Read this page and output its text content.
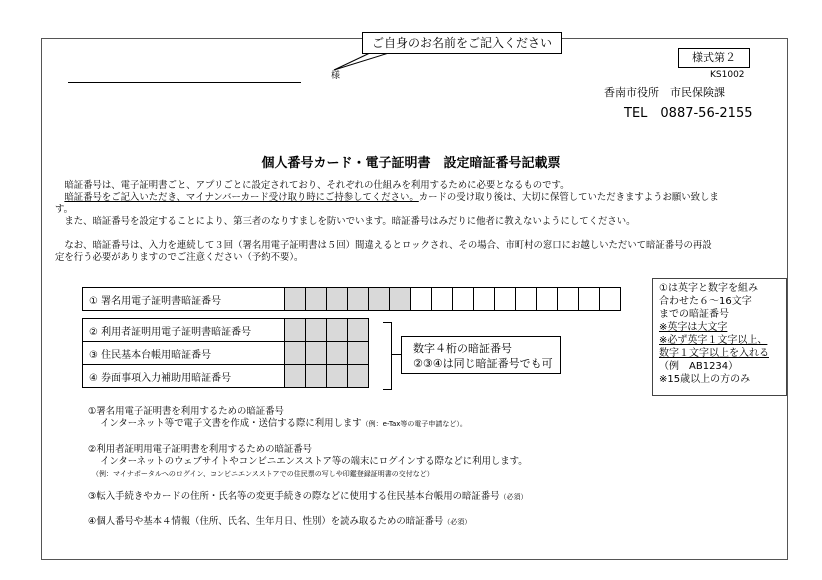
ご自身のお名前をご記入ください
様
様式第２
KS1002
香南市役所　市民保険課
TEL　0887-56-2155
個人番号カード・電子証明書　設定暗証番号記載票
暗証番号は、電子証明書ごと、アプリごとに設定されており、それぞれの仕組みを利用するために必要となるものです。
暗証番号をご記入いただき、マイナンバーカード受け取り時にご持参してください。カードの受け取り後は、大切に保管していただきますようお願い致します。
また、暗証番号を設定することにより、第三者のなりすましを防いでいます。暗証番号はみだりに他者に教えないようにしてください。
なお、暗証番号は、入力を連続して３回（署名用電子証明書は５回）間違えるとロックされ、その場合、市町村の窓口にお越しいただいて暗証番号の再設定を行う必要がありますのでご注意ください（予約不要）。
① 署名用電子証明書暗証番号																
② 利用者証明用電子証明書暗証番号				
③ 住民基本台帳用暗証番号				
④ 券面事項入力補助用暗証番号				
数字４桁の暗証番号
②③④は同じ暗証番号でも可
①は英字と数字を組み
合わせた６～16文字
までの暗証番号
※英字は大文字
※必ず英字１文字以上、
数字１文字以上を入れる
（例　AB1234）
※15歳以上の方のみ
①署名用電子証明書を利用するための暗証番号
インターネット等で電子文書を作成・送信する際に利用します（例：e-Tax等の電子申請など）。
②利用者証明用電子証明書を利用するための暗証番号
インターネットのウェブサイトやコンビニエンスストア等の端末にログインする際などに利用します。
（例：マイナポータルへのログイン、コンビニエンスストアでの住民票の写しや印鑑登録証明書の交付など）
③転入手続きやカードの住所・氏名等の変更手続きの際などに使用する住民基本台帳用の暗証番号（必須）
④個人番号や基本４情報（住所、氏名、生年月日、性別）を読み取るための暗証番号（必須）
